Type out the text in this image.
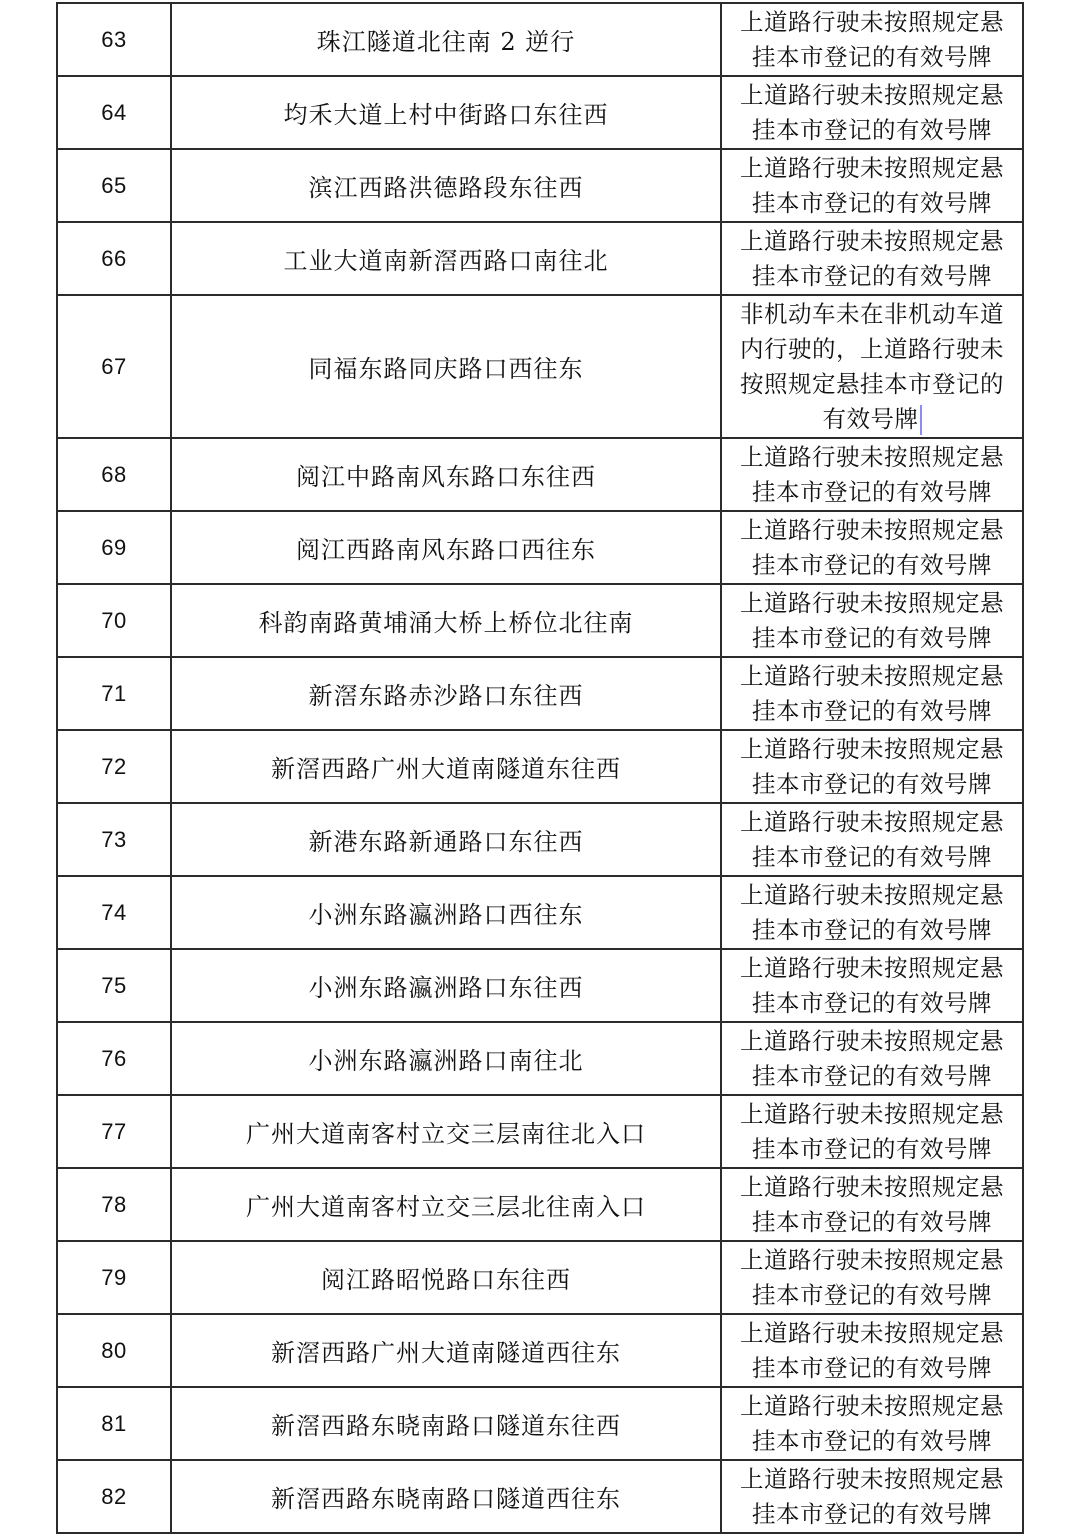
63	珠江隧道北往南 2 逆行	上道路行驶未按照规定悬
挂本市登记的有效号牌

64	均禾大道上村中街路口东往西	上道路行驶未按照规定悬
挂本市登记的有效号牌

65	滨江西路洪德路段东往西	上道路行驶未按照规定悬
挂本市登记的有效号牌

66	工业大道南新滘西路口南往北	上道路行驶未按照规定悬
挂本市登记的有效号牌

67	同福东路同庆路口西往东	非机动车未在非机动车道
内行驶的，上道路行驶未
按照规定悬挂本市登记的
有效号牌

68	阅江中路南风东路口东往西	上道路行驶未按照规定悬
挂本市登记的有效号牌

69	阅江西路南风东路口西往东	上道路行驶未按照规定悬
挂本市登记的有效号牌

70	科韵南路黄埔涌大桥上桥位北往南	上道路行驶未按照规定悬
挂本市登记的有效号牌

71	新滘东路赤沙路口东往西	上道路行驶未按照规定悬
挂本市登记的有效号牌

72	新滘西路广州大道南隧道东往西	上道路行驶未按照规定悬
挂本市登记的有效号牌

73	新港东路新通路口东往西	上道路行驶未按照规定悬
挂本市登记的有效号牌

74	小洲东路瀛洲路口西往东	上道路行驶未按照规定悬
挂本市登记的有效号牌

75	小洲东路瀛洲路口东往西	上道路行驶未按照规定悬
挂本市登记的有效号牌

76	小洲东路瀛洲路口南往北	上道路行驶未按照规定悬
挂本市登记的有效号牌

77	广州大道南客村立交三层南往北入口	上道路行驶未按照规定悬
挂本市登记的有效号牌

78	广州大道南客村立交三层北往南入口	上道路行驶未按照规定悬
挂本市登记的有效号牌

79	阅江路昭悦路口东往西	上道路行驶未按照规定悬
挂本市登记的有效号牌

80	新滘西路广州大道南隧道西往东	上道路行驶未按照规定悬
挂本市登记的有效号牌

81	新滘西路东晓南路口隧道东往西	上道路行驶未按照规定悬
挂本市登记的有效号牌

82	新滘西路东晓南路口隧道西往东	上道路行驶未按照规定悬
挂本市登记的有效号牌
